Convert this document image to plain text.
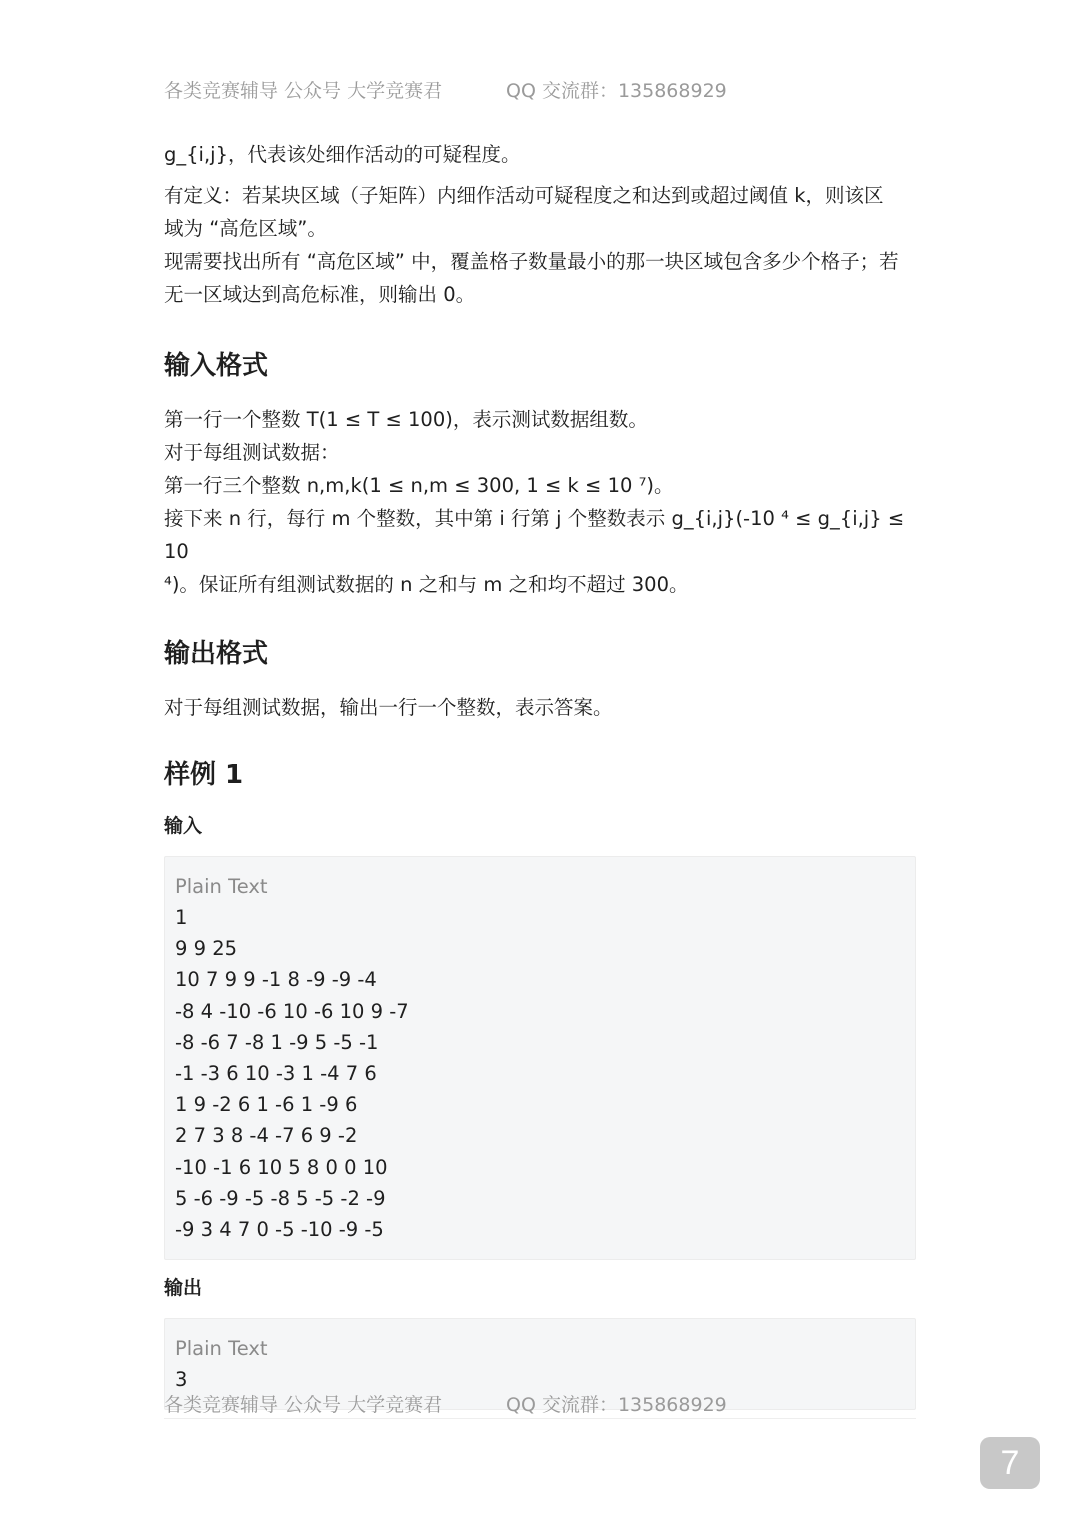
各类竞赛辅导 公众号 大学竞赛君	QQ 交流群：135868929

g_{i,j}，代表该处细作活动的可疑程度。

有定义：若某块区域（子矩阵）内细作活动可疑程度之和达到或超过阈值 k，则该区

域为 “高危区域”。

现需要找出所有 “高危区域” 中，覆盖格子数量最小的那一块区域包含多少个格子；若

无一区域达到高危标准，则输出 0。

输入格式

第一行一个整数 T(1 ≤ T ≤ 100)，表示测试数据组数。

对于每组测试数据：

第一行三个整数 n,m,k(1 ≤ n,m ≤ 300, 1 ≤ k ≤ 10 ⁷)。

接下来 n 行，每行 m 个整数，其中第 i 行第 j 个整数表示 g_{i,j}(-10 ⁴ ≤ g_{i,j} ≤ 10

⁴)。保证所有组测试数据的 n 之和与 m 之和均不超过 300。

输出格式

对于每组测试数据，输出一行一个整数，表示答案。

样例 1
输入
Plain Text
1
9 9 25
10 7 9 9 -1 8 -9 -9 -4
-8 4 -10 -6 10 -6 10 9 -7
-8 -6 7 -8 1 -9 5 -5 -1
-1 -3 6 10 -3 1 -4 7 6
1 9 -2 6 1 -6 1 -9 6
2 7 3 8 -4 -7 6 9 -2
-10 -1 6 10 5 8 0 0 10
5 -6 -9 -5 -8 5 -5 -2 -9
-9 3 4 7 0 -5 -10 -9 -5
输出
Plain Text
3
各类竞赛辅导 公众号 大学竞赛君	QQ 交流群：135868929
7
